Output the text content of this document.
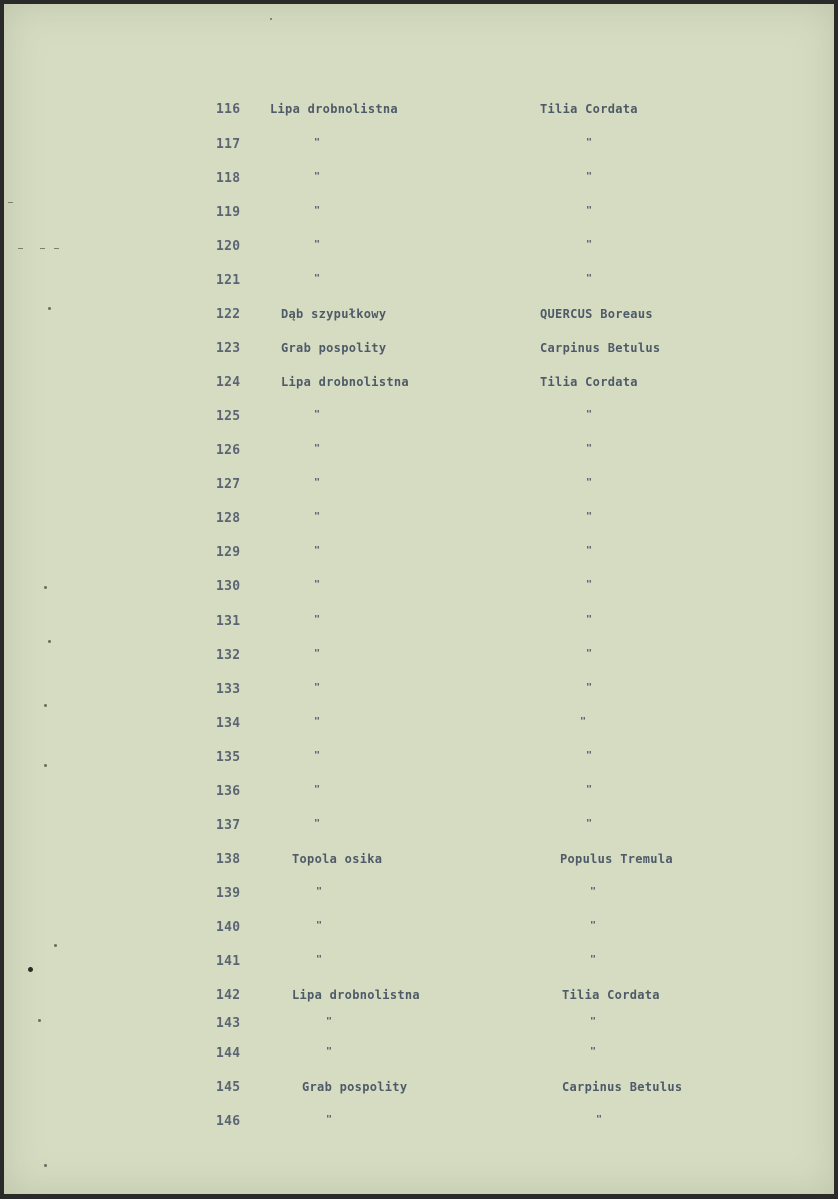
116 Lipa drobnolistna	Tilia Cordata
117	"	"
118	"	"
119	"	"
120	"	"
121	"	"
122	Dąb szypułkowy	QUERCUS Boreaus
123	Grab pospolity	Carpinus Betulus
124	Lipa drobnolistna	Tilia Cordata
125	"	"
126	"	"
127	"	"
128	"	"
129	"	"
130	"	"
131	"	"
132	"	"
133	"	"
134	"	"
135	"	"
136	"	"
137	"	"
138	Topola osika	Populus Tremula
139	"	"
140	"	"
141	"	"
142	Lipa drobnolistna	Tilia Cordata
143	"	"
144	"	"
145	Grab pospolity	Carpinus Betulus
146	"	"
